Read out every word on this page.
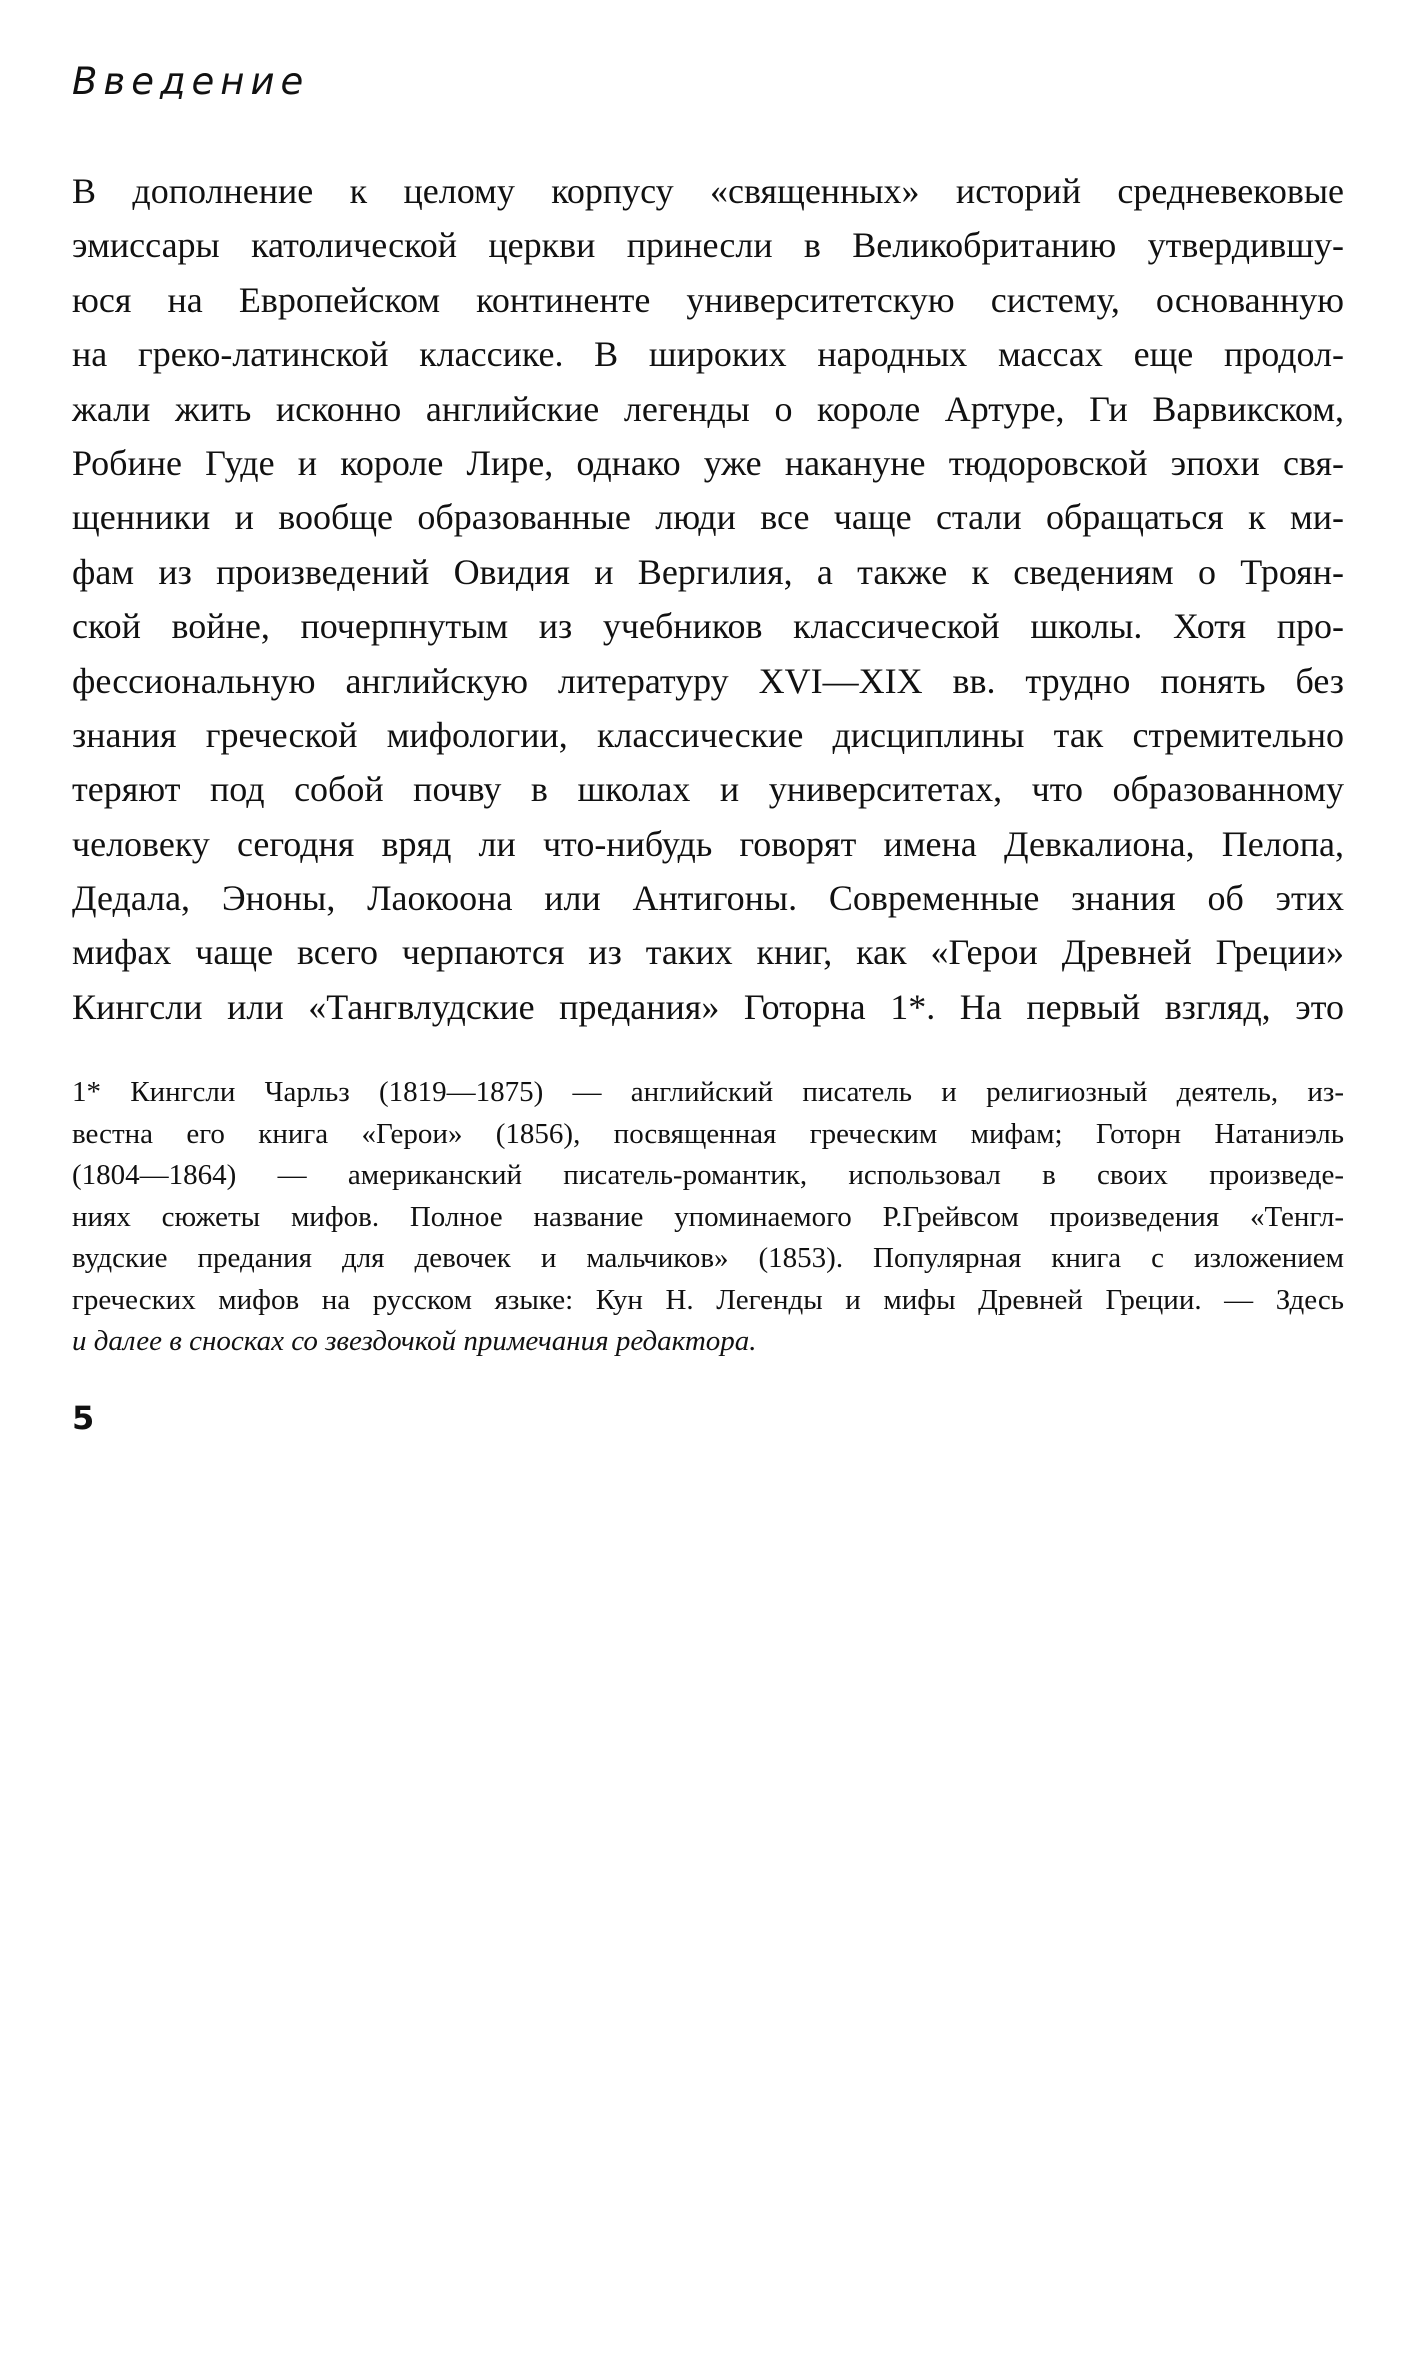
Введение
В дополнение к целому корпусу «священных» историй средневековые
эмиссары католической церкви принесли в Великобританию утвердившу-
юся на Европейском континенте университетскую систему, основанную
на греко-латинской классике. В широких народных массах еще продол-
жали жить исконно английские легенды о короле Артуре, Ги Варвикском,
Робине Гуде и короле Лире, однако уже накануне тюдоровской эпохи свя-
щенники и вообще образованные люди все чаще стали обращаться к ми-
фам из произведений Овидия и Вергилия, а также к сведениям о Троян-
ской войне, почерпнутым из учебников классической школы. Хотя про-
фессиональную английскую литературу XVI—XIX вв. трудно понять без
знания греческой мифологии, классические дисциплины так стремительно
теряют под собой почву в школах и университетах, что образованному
человеку сегодня вряд ли что-нибудь говорят имена Девкалиона, Пелопа,
Дедала, Эноны, Лаокоона или Антигоны. Современные знания об этих
мифах чаще всего черпаются из таких книг, как «Герои Древней Греции»
Кингсли или «Тангвлудские предания» Готорна 1*. На первый взгляд, это
1* Кингсли Чарльз (1819—1875) — английский писатель и религиозный деятель, из-
вестна его книга «Герои» (1856), посвященная греческим мифам; Готорн Натаниэль
(1804—1864) — американский писатель-романтик, использовал в своих произведе-
ниях сюжеты мифов. Полное название упоминаемого Р.Грейвсом произведения «Тенгл-
вудские предания для девочек и мальчиков» (1853). Популярная книга с изложением
греческих мифов на русском языке: Кун Н. Легенды и мифы Древней Греции. — Здесь
и далее в сносках со звездочкой примечания редактора.
5
